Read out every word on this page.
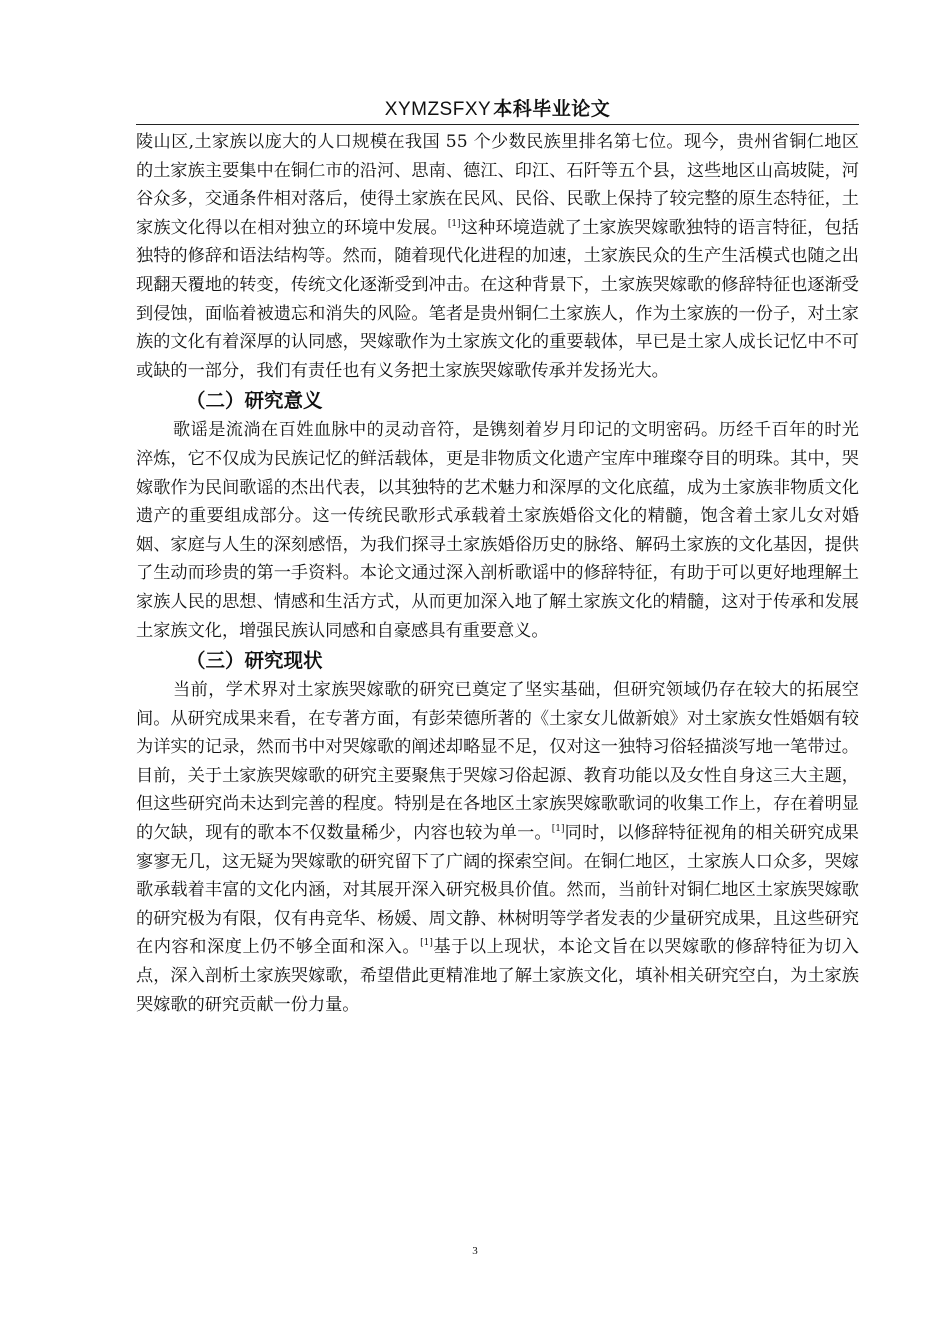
XYMZSFXY 本科毕业论文

陵山区,土家族以庞大的人口规模在我国 55 个少数民族里排名第七位。现今，贵州省铜仁地区的土家族主要集中在铜仁市的沿河、思南、德江、印江、石阡等五个县，这些地区山高坡陡，河谷众多，交通条件相对落后，使得土家族在民风、民俗、民歌上保持了较完整的原生态特征，土家族文化得以在相对独立的环境中发展。[1]这种环境造就了土家族哭嫁歌独特的语言特征，包括独特的修辞和语法结构等。然而，随着现代化进程的加速，土家族民众的生产生活模式也随之出现翻天覆地的转变，传统文化逐渐受到冲击。在这种背景下，土家族哭嫁歌的修辞特征也逐渐受到侵蚀，面临着被遗忘和消失的风险。笔者是贵州铜仁土家族人，作为土家族的一份子，对土家族的文化有着深厚的认同感，哭嫁歌作为土家族文化的重要载体，早已是土家人成长记忆中不可或缺的一部分，我们有责任也有义务把土家族哭嫁歌传承并发扬光大。

（二）研究意义

歌谣是流淌在百姓血脉中的灵动音符，是镌刻着岁月印记的文明密码。历经千百年的时光淬炼，它不仅成为民族记忆的鲜活载体，更是非物质文化遗产宝库中璀璨夺目的明珠。其中，哭嫁歌作为民间歌谣的杰出代表，以其独特的艺术魅力和深厚的文化底蕴，成为土家族非物质文化遗产的重要组成部分。这一传统民歌形式承载着土家族婚俗文化的精髓，饱含着土家儿女对婚姻、家庭与人生的深刻感悟，为我们探寻土家族婚俗历史的脉络、解码土家族的文化基因，提供了生动而珍贵的第一手资料。本论文通过深入剖析歌谣中的修辞特征，有助于可以更好地理解土家族人民的思想、情感和生活方式，从而更加深入地了解土家族文化的精髓，这对于传承和发展土家族文化，增强民族认同感和自豪感具有重要意义。

（三）研究现状

当前，学术界对土家族哭嫁歌的研究已奠定了坚实基础，但研究领域仍存在较大的拓展空间。从研究成果来看，在专著方面，有彭荣德所著的《土家女儿做新娘》对土家族女性婚姻有较为详实的记录，然而书中对哭嫁歌的阐述却略显不足，仅对这一独特习俗轻描淡写地一笔带过。目前，关于土家族哭嫁歌的研究主要聚焦于哭嫁习俗起源、教育功能以及女性自身这三大主题，但这些研究尚未达到完善的程度。特别是在各地区土家族哭嫁歌歌词的收集工作上，存在着明显的欠缺，现有的歌本不仅数量稀少，内容也较为单一。[1]同时，以修辞特征视角的相关研究成果寥寥无几，这无疑为哭嫁歌的研究留下了广阔的探索空间。在铜仁地区，土家族人口众多，哭嫁歌承载着丰富的文化内涵，对其展开深入研究极具价值。然而，当前针对铜仁地区土家族哭嫁歌的研究极为有限，仅有冉竞华、杨媛、周文静、林树明等学者发表的少量研究成果，且这些研究在内容和深度上仍不够全面和深入。[1]基于以上现状，本论文旨在以哭嫁歌的修辞特征为切入点，深入剖析土家族哭嫁歌，希望借此更精准地了解土家族文化，填补相关研究空白，为土家族哭嫁歌的研究贡献一份力量。

3
